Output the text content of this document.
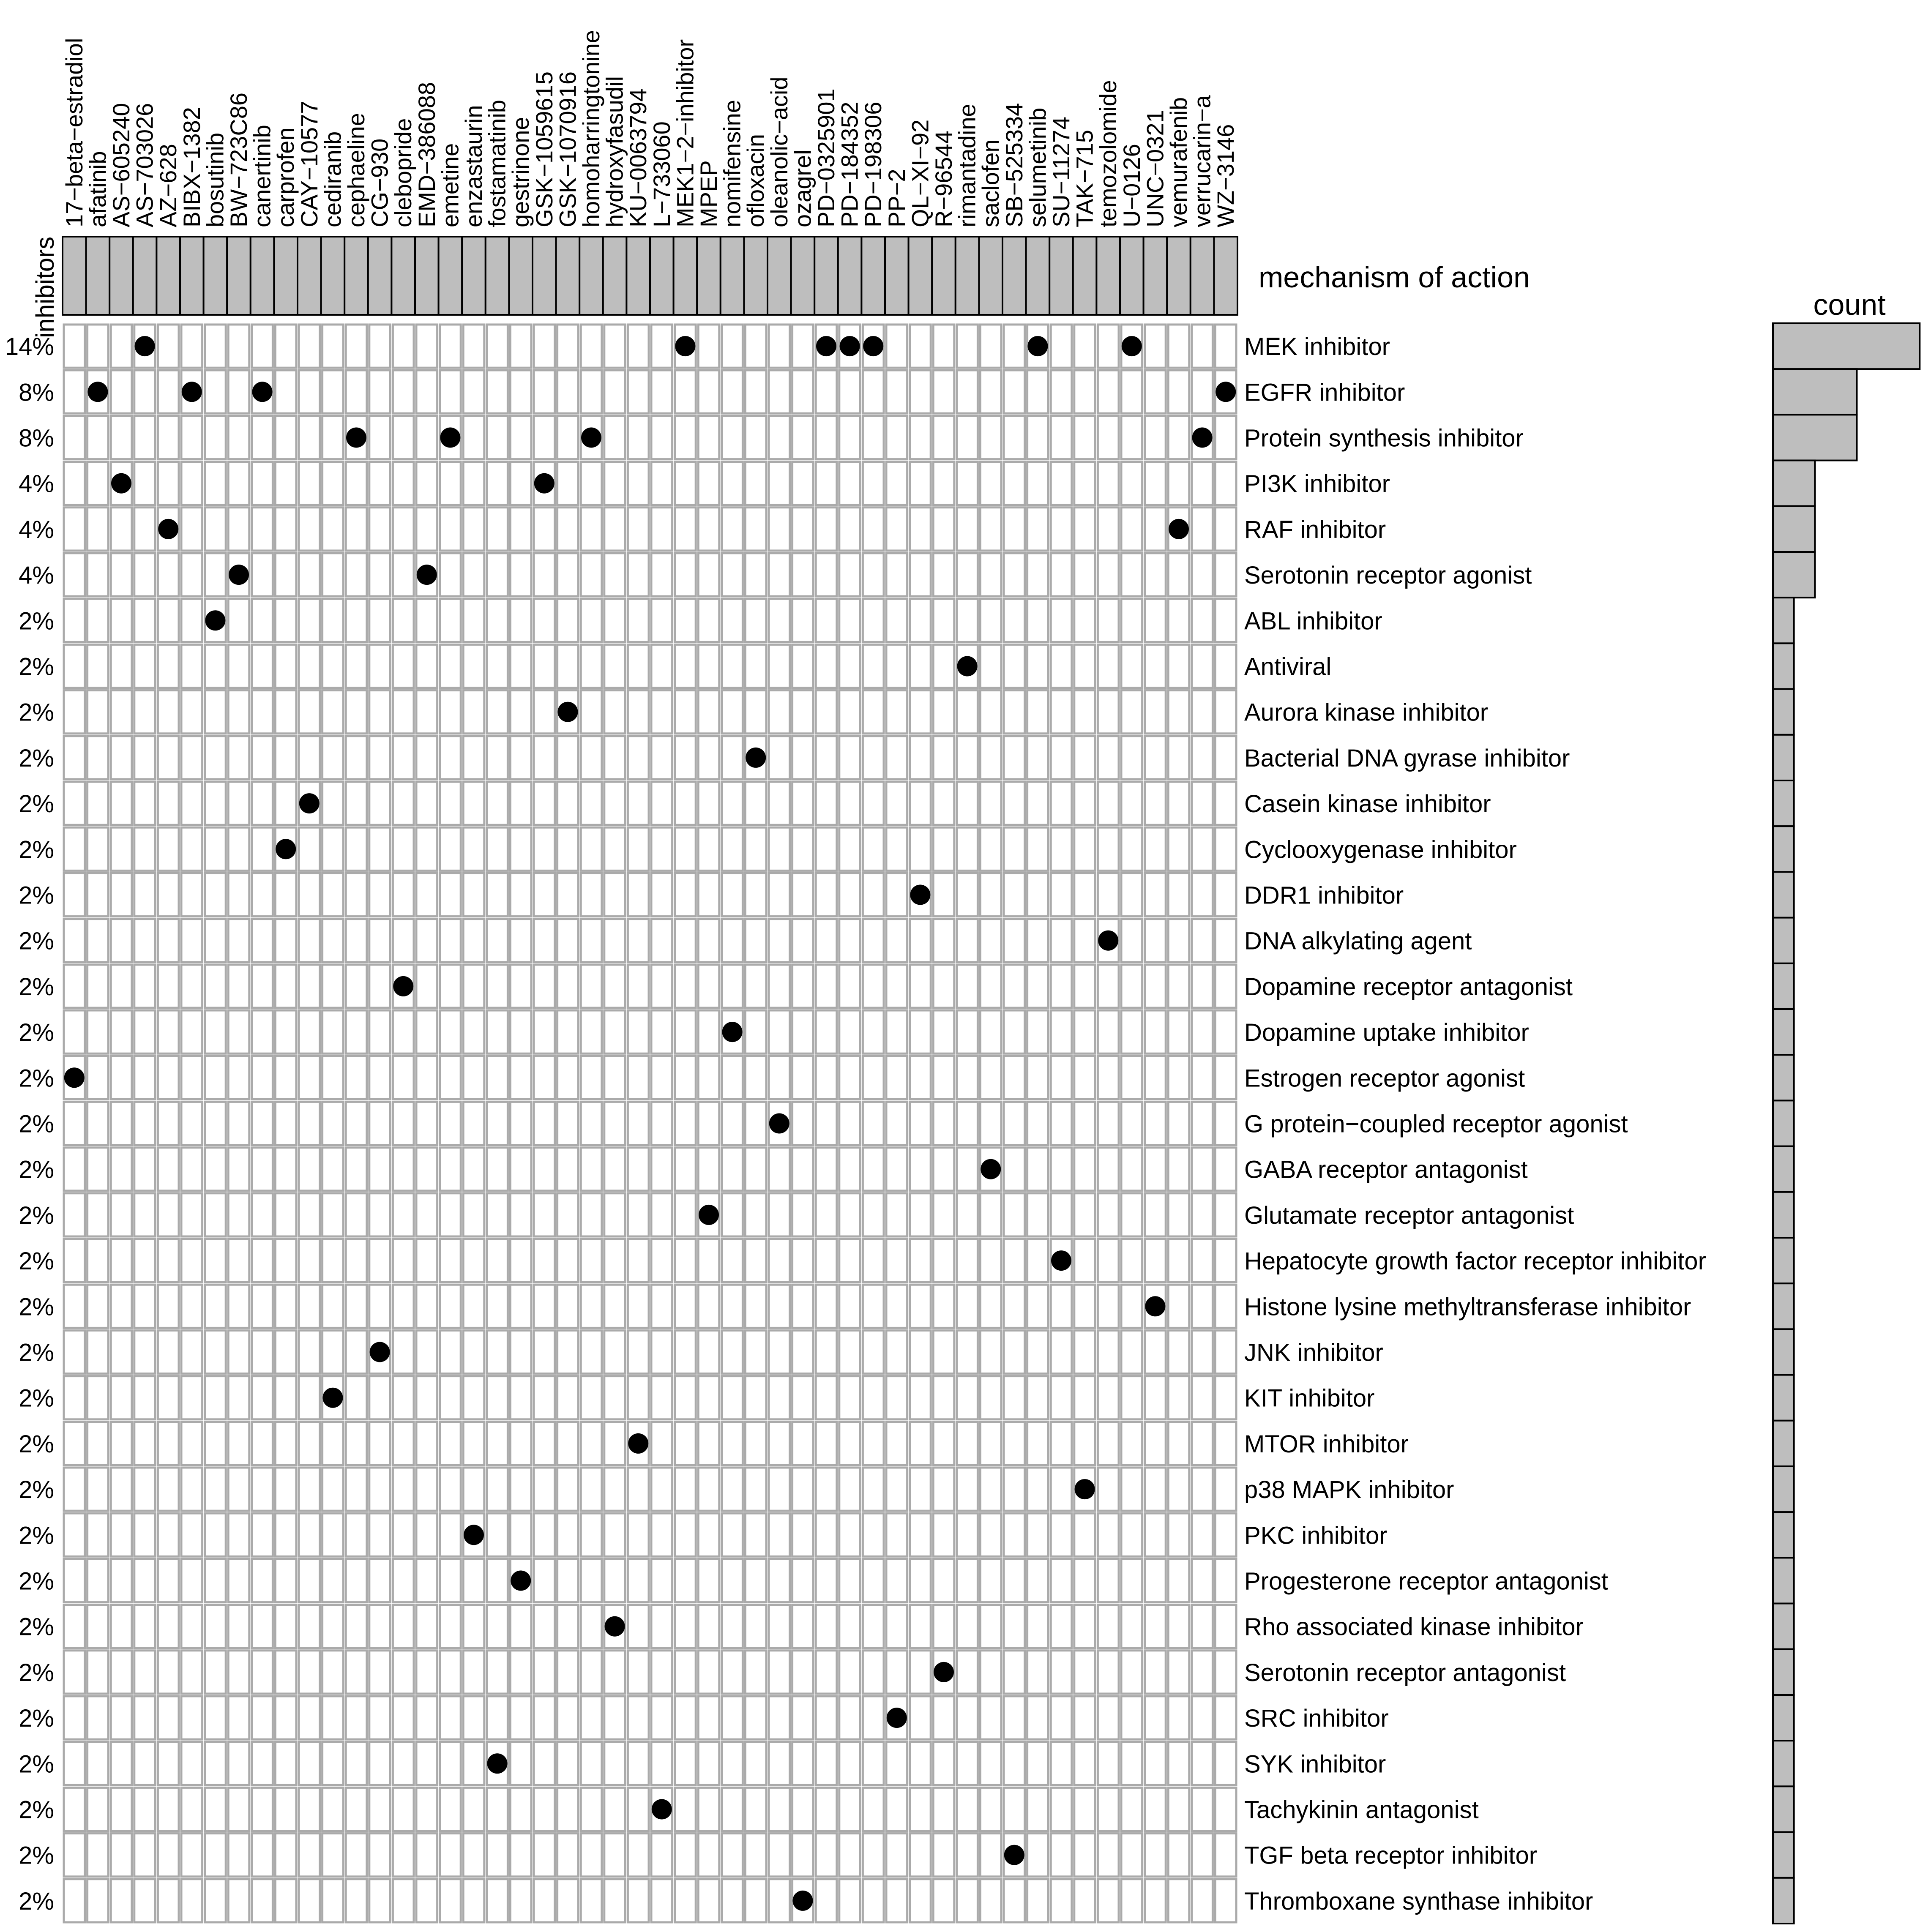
17−beta−estradiol
afatinib
AS−605240
AS−703026
AZ−628
BIBX−1382
bosutinib
BW−723C86
canertinib
carprofen
CAY−10577
cediranib
cephaeline
CG−930
clebopride
EMD−386088
emetine
enzastaurin
fostamatinib
gestrinone
GSK−1059615
GSK−1070916
homoharringtonine
hydroxyfasudil
KU−0063794
L−733060
MEK1−2−inhibitor
MPEP
nomifensine
ofloxacin
oleanolic−acid
ozagrel
PD−0325901
PD−184352
PD−198306
PP−2
QL−XI−92
R−96544
rimantadine
saclofen
SB−525334
selumetinib
SU−11274
TAK−715
temozolomide
U−0126
UNC−0321
vemurafenib
verrucarin−a
WZ−3146
inhibitors	mechanism of action
count
14%
8%
8%
4%
4%
4%
2%
2%
2%
2%
2%
2%
2%
2%
2%
2%
2%
2%
2%
2%
2%
2%
2%
2%
2%
2%
2%
2%
2%
2%
2%
2%
2%
2%
2%
MEK inhibitor
EGFR inhibitor
Protein synthesis inhibitor
PI3K inhibitor
RAF inhibitor
Serotonin receptor agonist
ABL inhibitor
Antiviral
Aurora kinase inhibitor
Bacterial DNA gyrase inhibitor
Casein kinase inhibitor
Cyclooxygenase inhibitor
DDR1 inhibitor
DNA alkylating agent
Dopamine receptor antagonist
Dopamine uptake inhibitor
Estrogen receptor agonist
G protein−coupled receptor agonist
GABA receptor antagonist
Glutamate receptor antagonist
Hepatocyte growth factor receptor inhibitor
Histone lysine methyltransferase inhibitor
JNK inhibitor
KIT inhibitor
MTOR inhibitor
p38 MAPK inhibitor
PKC inhibitor
Progesterone receptor antagonist
Rho associated kinase inhibitor
Serotonin receptor antagonist
SRC inhibitor
SYK inhibitor
Tachykinin antagonist
TGF beta receptor inhibitor
Thromboxane synthase inhibitor
